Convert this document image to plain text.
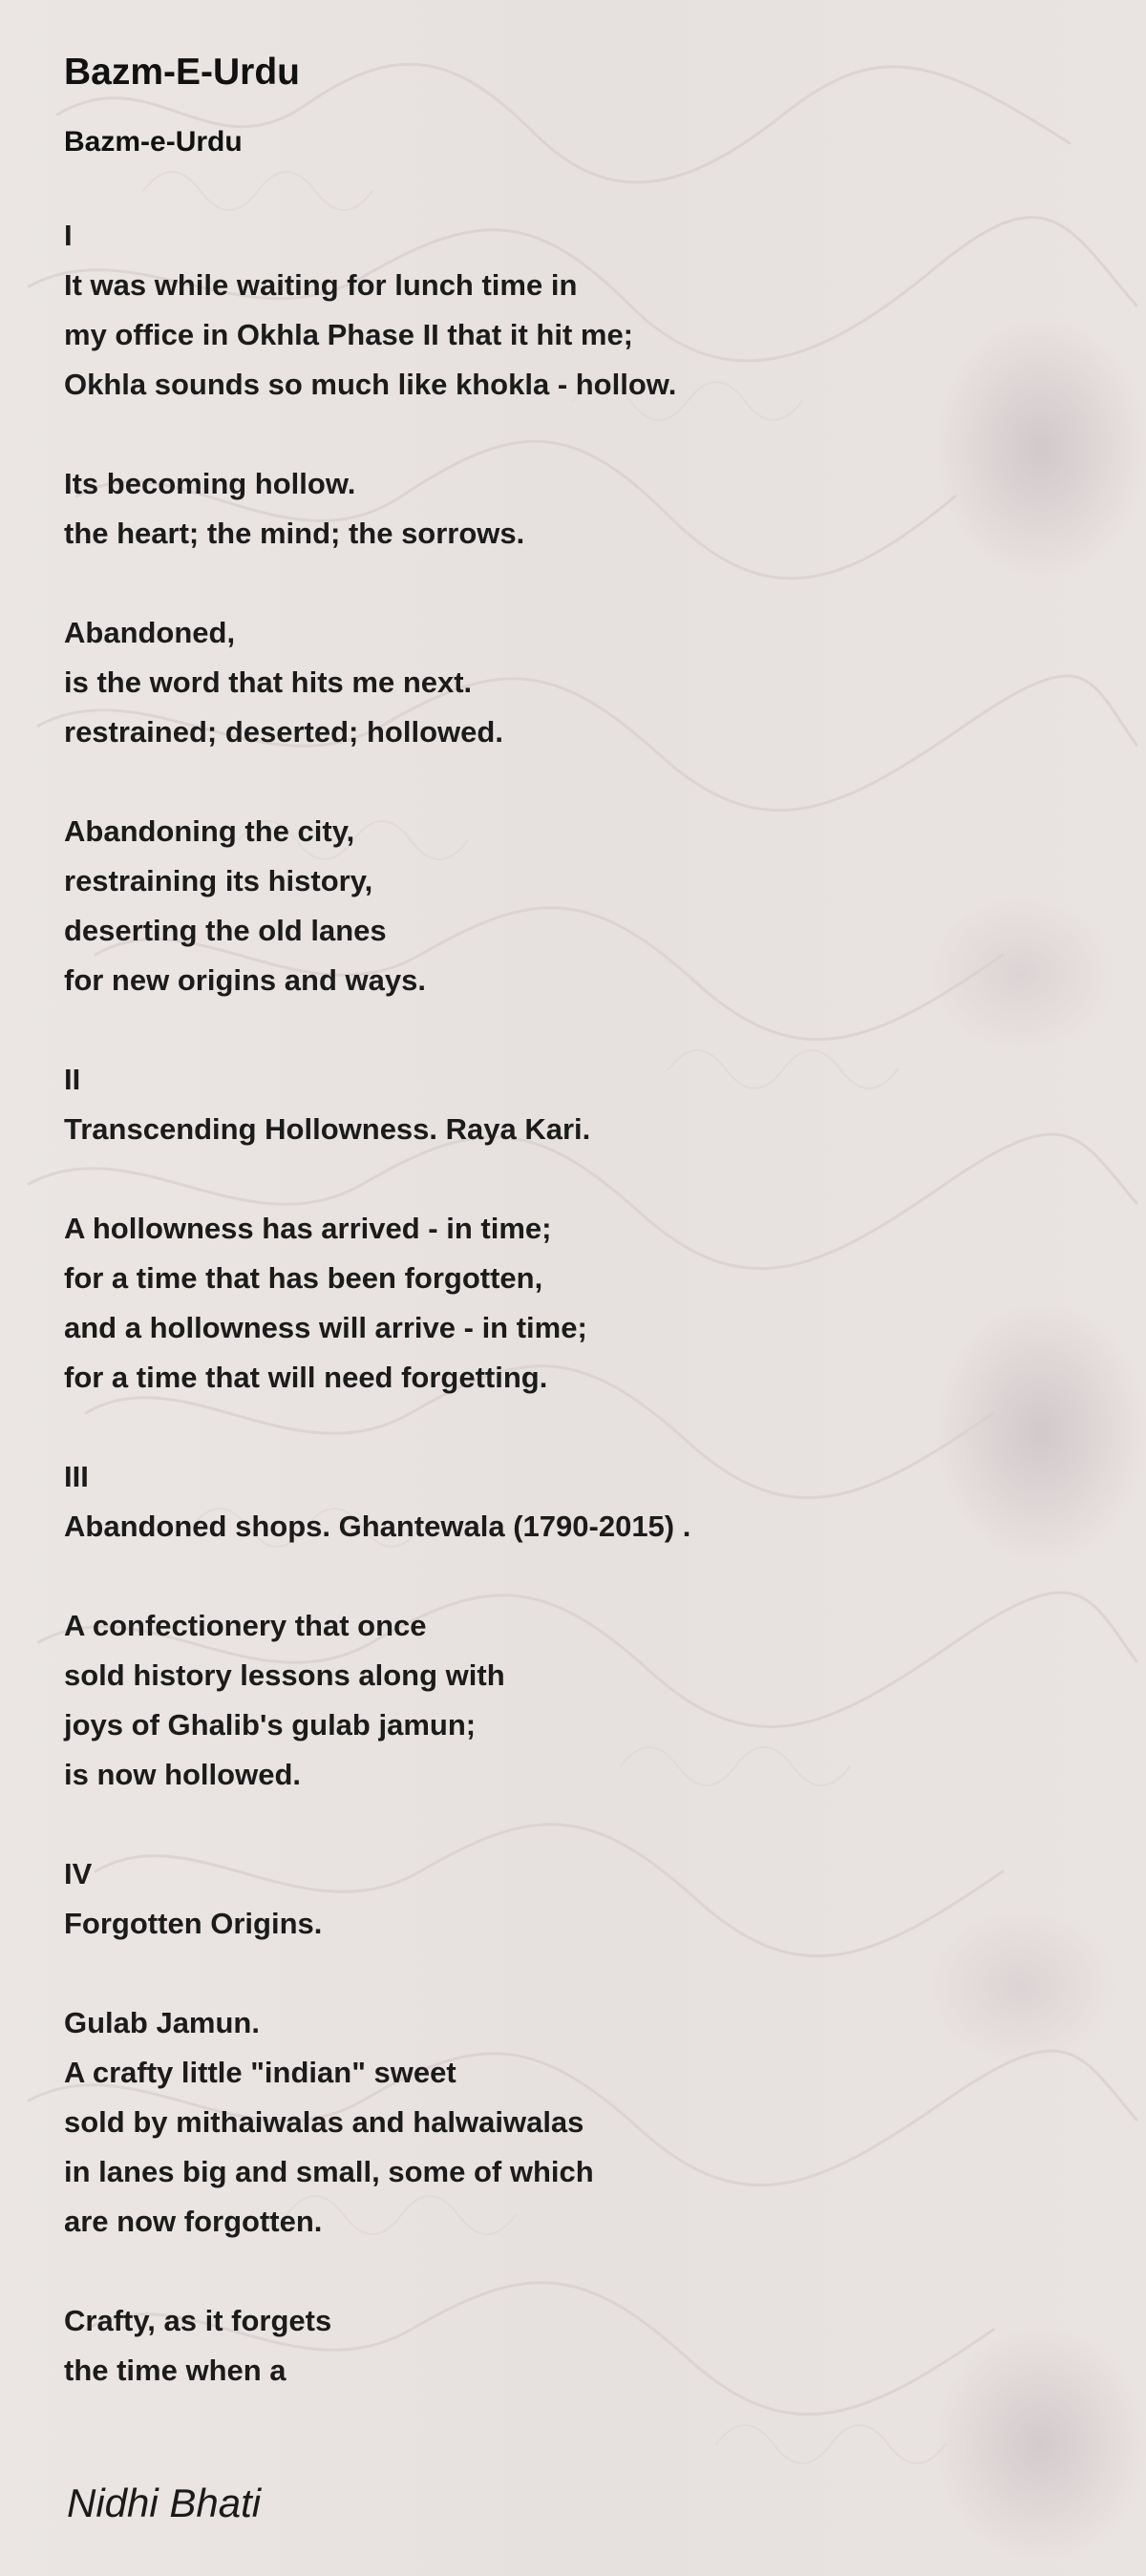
Bazm-E-Urdu
Bazm-e-Urdu
I
It was while waiting for lunch time in
my office in Okhla Phase II that it hit me;
Okhla sounds so much like khokla - hollow.
Its becoming hollow.
the heart; the mind; the sorrows.
Abandoned,
is the word that hits me next.
restrained; deserted; hollowed.
Abandoning the city,
restraining its history,
deserting the old lanes
for new origins and ways.
II
Transcending Hollowness. Raya Kari.
A hollowness has arrived - in time;
for a time that has been forgotten,
and a hollowness will arrive - in time;
for a time that will need forgetting.
III
Abandoned shops. Ghantewala (1790-2015) .
A confectionery that once
sold history lessons along with
joys of Ghalib's gulab jamun;
is now hollowed.
IV
Forgotten Origins.
Gulab Jamun.
A crafty little "indian" sweet
sold by mithaiwalas and halwaiwalas
in lanes big and small, some of which
are now forgotten.
Crafty, as it forgets
the time when a
Nidhi Bhati
